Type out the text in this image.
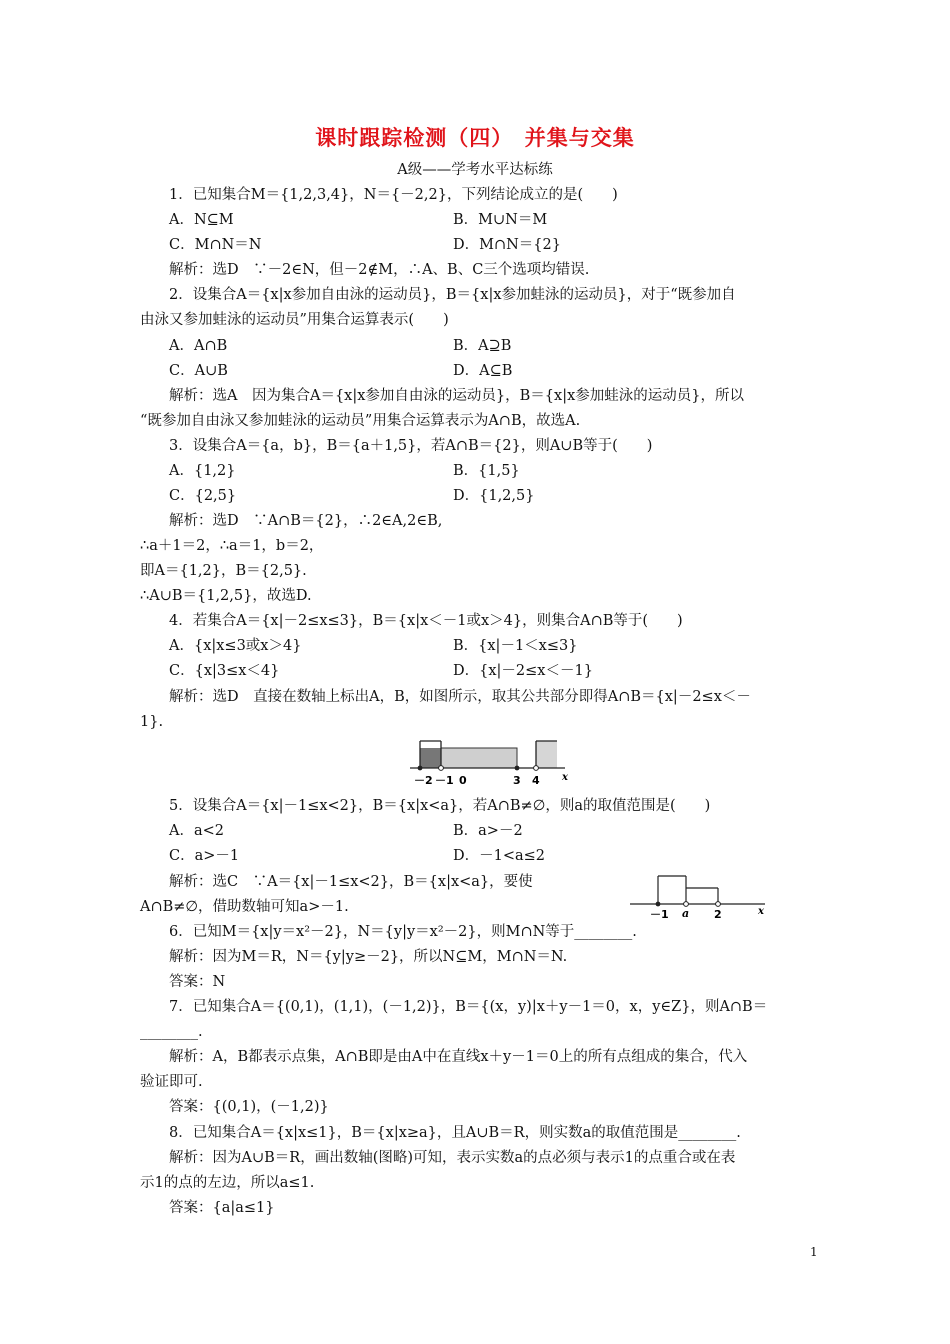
课时跟踪检测（四）　并集与交集
A级——学考水平达标练
1．已知集合M＝{1,2,3,4}，N＝{－2,2}，下列结论成立的是(　　)
A．N⊆M	B．M∪N＝M
C．M∩N＝N	D．M∩N＝{2}
解析：选D　∵－2∈N，但－2∉M，∴A、B、C三个选项均错误.
2．设集合A＝{x|x参加自由泳的运动员}，B＝{x|x参加蛙泳的运动员}，对于“既参加自
由泳又参加蛙泳的运动员”用集合运算表示(　　)
A．A∩B	B．A⊇B
C．A∪B	D．A⊆B
解析：选A　因为集合A＝{x|x参加自由泳的运动员}，B＝{x|x参加蛙泳的运动员}，所以
“既参加自由泳又参加蛙泳的运动员”用集合运算表示为A∩B，故选A.
3．设集合A＝{a，b}，B＝{a＋1,5}，若A∩B＝{2}，则A∪B等于(　　)
A．{1,2}	B．{1,5}
C．{2,5}	D．{1,2,5}
解析：选D　∵A∩B＝{2}，∴2∈A,2∈B,
∴a＋1＝2，∴a＝1，b＝2，
即A＝{1,2}，B＝{2,5}.
∴A∪B＝{1,2,5}，故选D.
4．若集合A＝{x|－2≤x≤3}，B＝{x|x＜－1或x＞4}，则集合A∩B等于(　　)
A．{x|x≤3或x＞4}	B．{x|－1＜x≤3}
C．{x|3≤x＜4}	D．{x|－2≤x＜－1}
解析：选D　直接在数轴上标出A，B，如图所示，取其公共部分即得A∩B＝{x|－2≤x＜－
1}.
－2 －1 0	3 4 x
5．设集合A＝{x|－1≤x<2}，B＝{x|x<a}，若A∩B≠∅，则a的取值范围是(　　)
A．a<2	B．a>－2
C．a>－1	D．－1<a≤2
解析：选C　∵A＝{x|－1≤x<2}，B＝{x|x<a}，要使
A∩B≠∅，借助数轴可知a>－1.	－1 a 2	x
6．已知M＝{x|y＝x²－2}，N＝{y|y＝x²－2}，则M∩N等于________.
解析：因为M＝R，N＝{y|y≥－2}，所以N⊆M，M∩N＝N.
答案：N
7．已知集合A＝{(0,1)，(1,1)，(－1,2)}，B＝{(x，y)|x＋y－1＝0，x，y∈Z}，则A∩B＝
________.
解析：A，B都表示点集，A∩B即是由A中在直线x＋y－1＝0上的所有点组成的集合，代入
验证即可.
答案：{(0,1)，(－1,2)}
8．已知集合A＝{x|x≤1}，B＝{x|x≥a}，且A∪B＝R，则实数a的取值范围是________.
解析：因为A∪B＝R，画出数轴(图略)可知，表示实数a的点必须与表示1的点重合或在表
示1的点的左边，所以a≤1.
答案：{a|a≤1}
1
